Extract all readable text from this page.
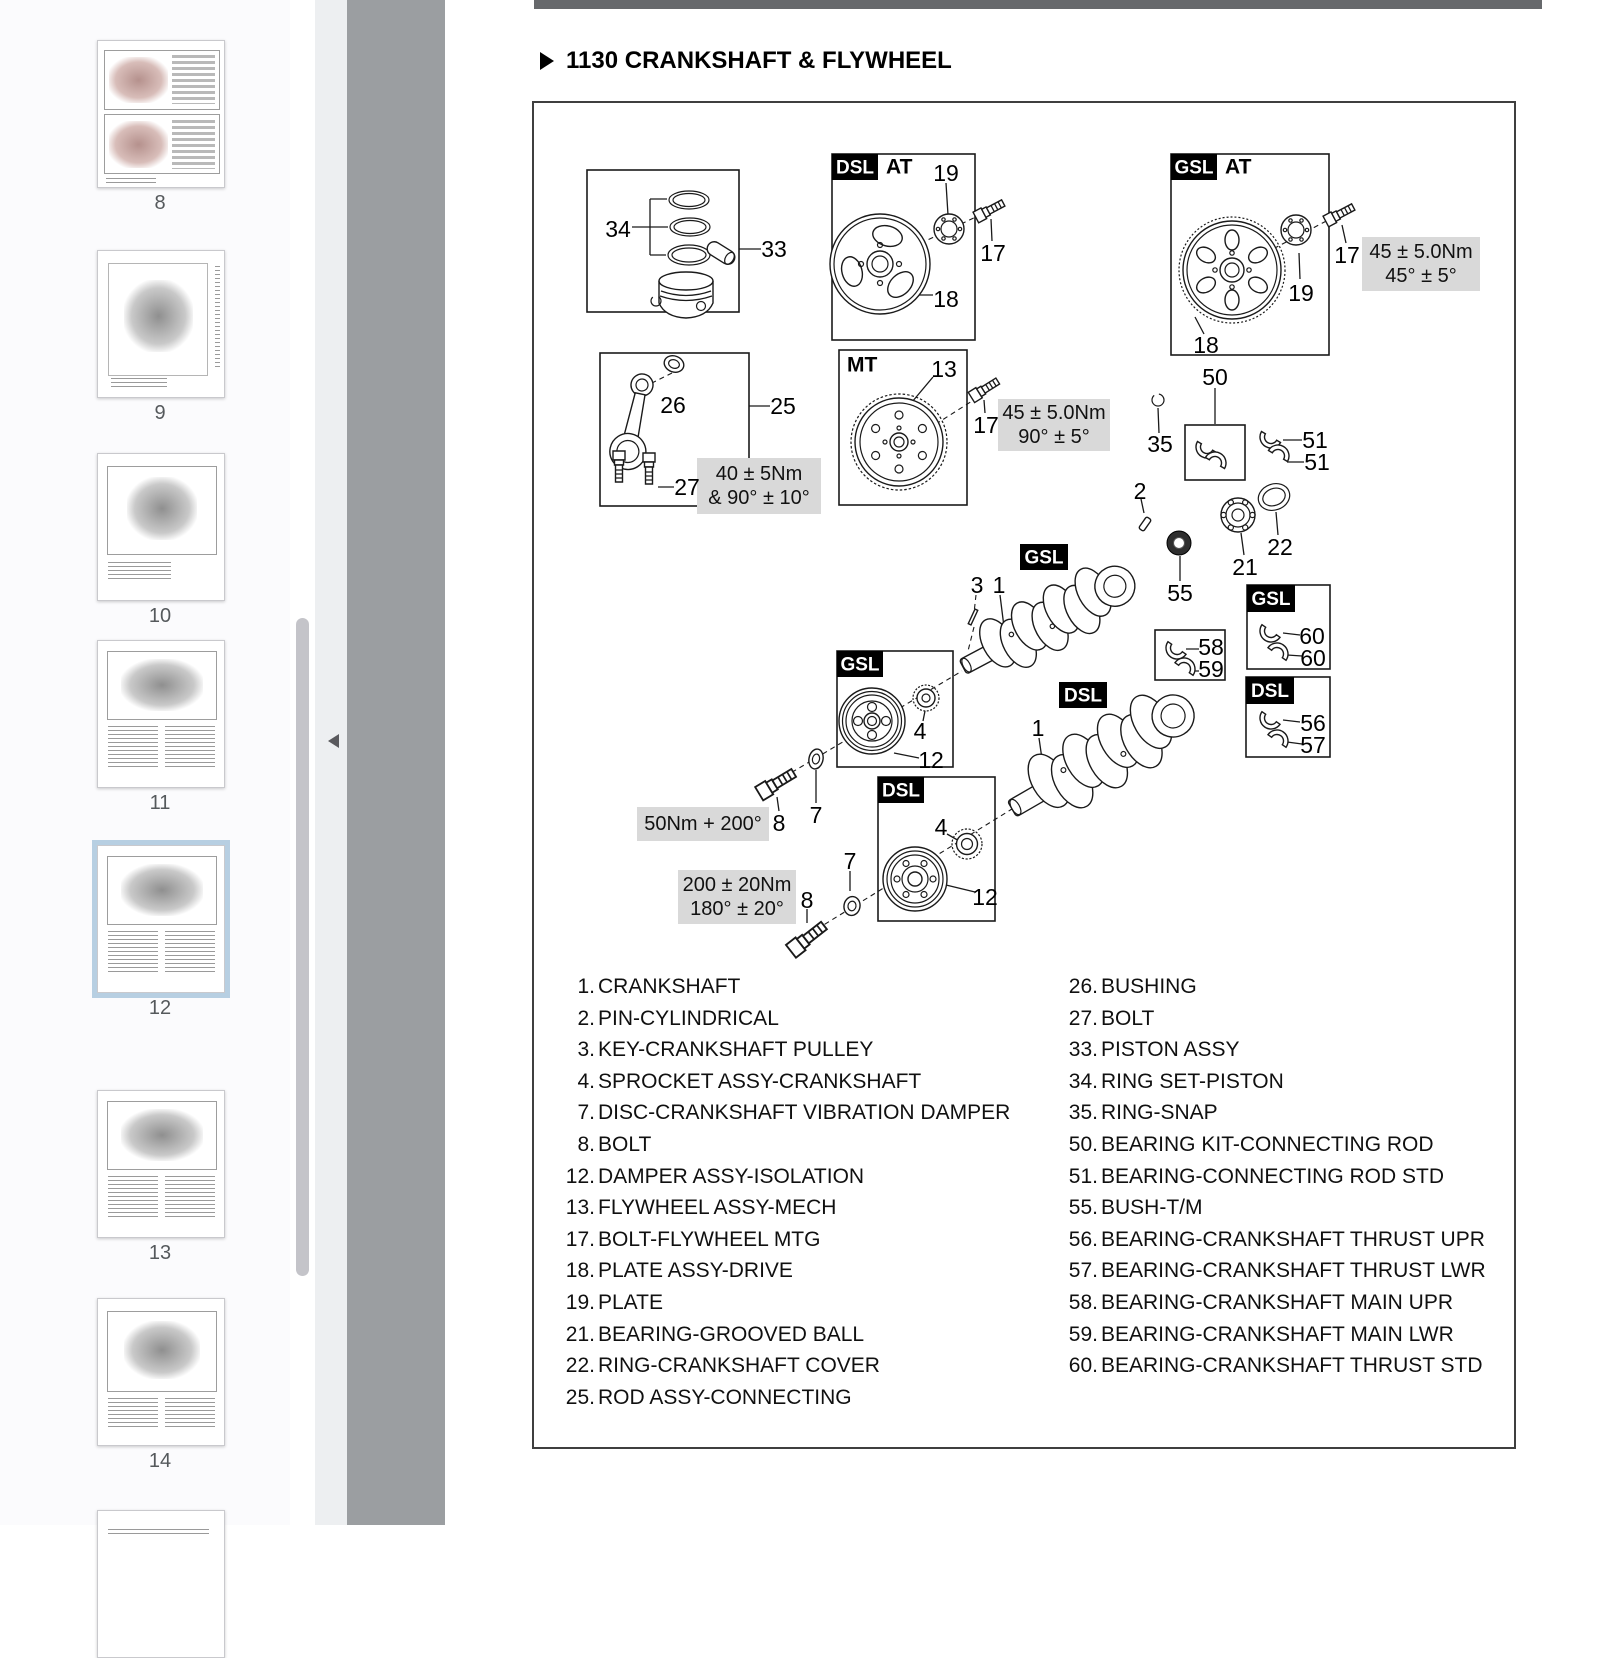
8
9
10
11
12
13
14
1130 CRANKSHAFT & FLYWHEEL
DSL AT	GSL AT
MT
GSL
DSL
GSL
DSL
GSL
DSL
45 ± 5.0Nm
45° ± 5°
45 ± 5.0Nm
90° ± 5°
40 ± 5Nm
& 90° ± 10°
50Nm + 200°
200 ± 20Nm
180° ± 20°
34
33
19
17
18	19
17
18
50
26	25
27
13
17
35	51
51
2
22
21
55
3 1
58
59
60
60
56
57
1
4
12
7
8	4
12
7
8
1. CRANKSHAFT
2. PIN-CYLINDRICAL
3. KEY-CRANKSHAFT PULLEY
4. SPROCKET ASSY-CRANKSHAFT
7. DISC-CRANKSHAFT VIBRATION DAMPER
8. BOLT
12. DAMPER ASSY-ISOLATION
13. FLYWHEEL ASSY-MECH
17. BOLT-FLYWHEEL MTG
18. PLATE ASSY-DRIVE
19. PLATE
21. BEARING-GROOVED BALL
22. RING-CRANKSHAFT COVER
25. ROD ASSY-CONNECTING
26. BUSHING
27. BOLT
33. PISTON ASSY
34. RING SET-PISTON
35. RING-SNAP
50. BEARING KIT-CONNECTING ROD
51. BEARING-CONNECTING ROD STD
55. BUSH-T/M
56. BEARING-CRANKSHAFT THRUST UPR
57. BEARING-CRANKSHAFT THRUST LWR
58. BEARING-CRANKSHAFT MAIN UPR
59. BEARING-CRANKSHAFT MAIN LWR
60. BEARING-CRANKSHAFT THRUST STD
